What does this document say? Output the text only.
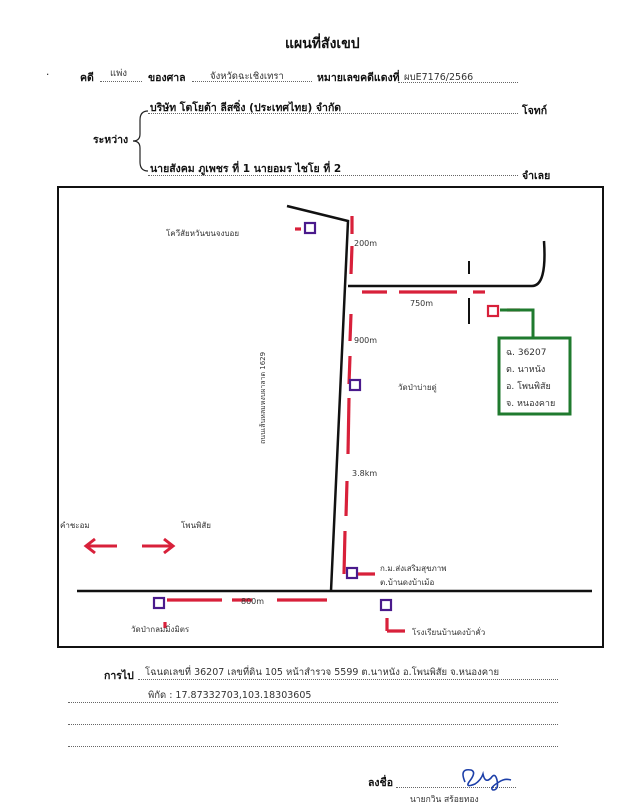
แผนที่สังเขป
·	คดี แพ่ง ของศาล	จังหวัดฉะเชิงเทรา	หมายเลขคดีแดงที่ ผบE7176/2566
บริษัท โตโยต้า ลีสซิ่ง (ประเทศไทย) จำกัด	โจทก์
ระหว่าง
นายสังคม ภูเพชร ที่ 1 นายอมร ไชโย ที่ 2
จำเลย
โควีสัยหวันขนจงบอย
200m
750m
900m
วัดป่าบ่ายดู่
ถนนเส้นหลมหงบผาลาด 1629
3.8km
ก.ม.ส่งเสริมสุขภาพ
ต.บ้านดงบ้าเม้อ
คำชะอม	โพนพิสัย
800m
วัดป่ากลมมิ่งมิตร	โรงเรียนบ้านดงบ้าคั่ว
ฉ. 36207
ต. นาหนัง
อ. โพนพิสัย
จ. หนองคาย
การไป โฉนดเลขที่ 36207 เลขที่ดิน 105 หน้าสำรวจ 5599 ต.นาหนัง อ.โพนพิสัย จ.หนองคาย
พิกัด : 17.87332703,103.18303605
ลงชื่อ
นายกวิน สร้อยทอง
